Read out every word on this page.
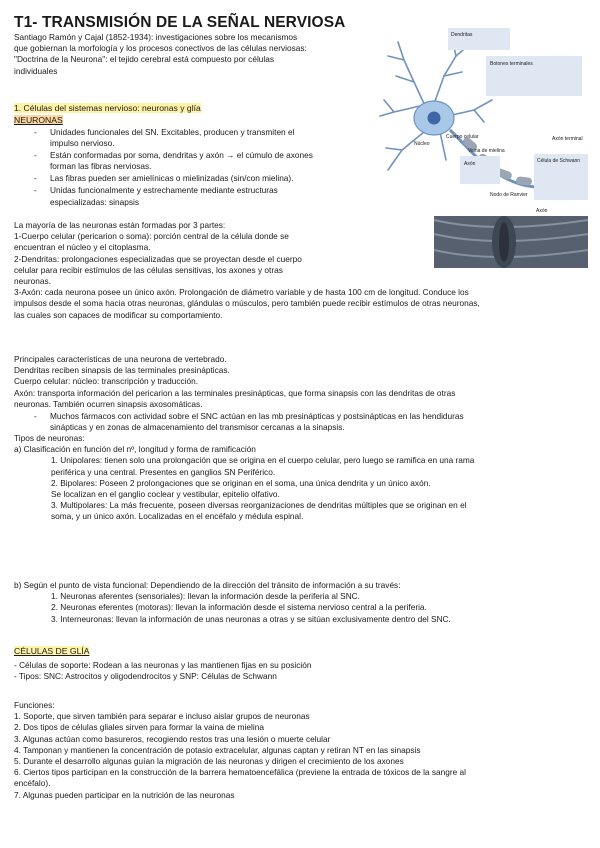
T1- TRANSMISIÓN DE LA SEÑAL NERVIOSA
Santiago Ramón y Cajal (1852-1934): investigaciones sobre los mecanismos
que gobiernan la morfología y los procesos conectivos de las células nerviosas:
"Doctrina de la Neurona": el tejido cerebral está compuesto por células
individuales
Dendritas
Botones terminales
Cuerpo celular
Axón
Vaina de mielina
Núcleo
Axón terminal
Nodo de Ranvier
Célula de Schwann
Axón
1. Células del sistemas nervioso: neuronas y glía
NEURONAS
- Unidades funcionales del SN. Excitables, producen y transmiten el
impulso nervioso.
- Están conformadas por soma, dendritas y axón → el cúmulo de axones
forman las fibras nerviosas.
- Las fibras pueden ser amielínicas o mielinizadas (sin/con mielina).
- Unidas funcionalmente y estrechamente mediante estructuras
especializadas: sinapsis
La mayoría de las neuronas están formadas por 3 partes:
1-Cuerpo celular (pericarion o soma): porción central de la célula donde se
encuentran el núcleo y el citoplasma.
2-Dendritas: prolongaciones especializadas que se proyectan desde el cuerpo
celular para recibir estímulos de las células sensitivas, los axones y otras
neuronas.
3-Axón: cada neurona posee un único axón. Prolongación de diámetro variable y de hasta 100 cm de longitud. Conduce los
impulsos desde el soma hacia otras neuronas, glándulas o músculos, pero también puede recibir estímulos de otras neuronas,
las cuales son capaces de modificar su comportamiento.
Principales características de una neurona de vertebrado.
Dendritas reciben sinapsis de las terminales presinápticas.
Cuerpo celular: núcleo: transcripción y traducción.
Axón: transporta información del pericarion a las terminales presinápticas, que forma sinapsis con las dendritas de otras
neuronas. También ocurren sinapsis axosomáticas.
- Muchos fármacos con actividad sobre el SNC actúan en las mb presinápticas y postsinápticas en las hendiduras
sinápticas y en zonas de almacenamiento del transmisor cercanas a la sinapsis.
Tipos de neuronas:
a) Clasificación en función del nº, longitud y forma de ramificación
1. Unipolares: tienen solo una prolongación que se origina en el cuerpo celular, pero luego se ramifica en una rama
periférica y una central. Presentes en ganglios SN Periférico.
2. Bipolares: Poseen 2 prolongaciones que se originan en el soma, una única dendrita y un único axón.
Se localizan en el ganglio coclear y vestibular, epitelio olfativo.
3. Multipolares: La más frecuente, poseen diversas reorganizaciones de dendritas múltiples que se originan en el
soma, y un único axón. Localizadas en el encéfalo y médula espinal.
b) Según el punto de vista funcional: Dependiendo de la dirección del tránsito de información a su través:
1. Neuronas aferentes (sensoriales): llevan la información desde la periferia al SNC.
2. Neuronas eferentes (motoras): llevan la información desde el sistema nervioso central a la periferia.
3. Interneuronas: llevan la información de unas neuronas a otras y se sitúan exclusivamente dentro del SNC.
CÉLULAS DE GLÍA
- Células de soporte: Rodean a las neuronas y las mantienen fijas en su posición
- Tipos: SNC: Astrocitos y oligodendrocitos y SNP: Células de Schwann
Funciones:
1. Soporte, que sirven también para separar e incluso aislar grupos de neuronas
2. Dos tipos de células gliales sirven para formar la vaina de mielina
3. Algunas actúan como basureros, recogiendo restos tras una lesión o muerte celular
4. Tamponan y mantienen la concentración de potasio extracelular, algunas captan y retiran NT en las sinapsis
5. Durante el desarrollo algunas guían la migración de las neuronas y dirigen el crecimiento de los axones
6. Ciertos tipos participan en la construcción de la barrera hematoencefálica (previene la entrada de tóxicos de la sangre al
encéfalo).
7. Algunas pueden participar en la nutrición de las neuronas
